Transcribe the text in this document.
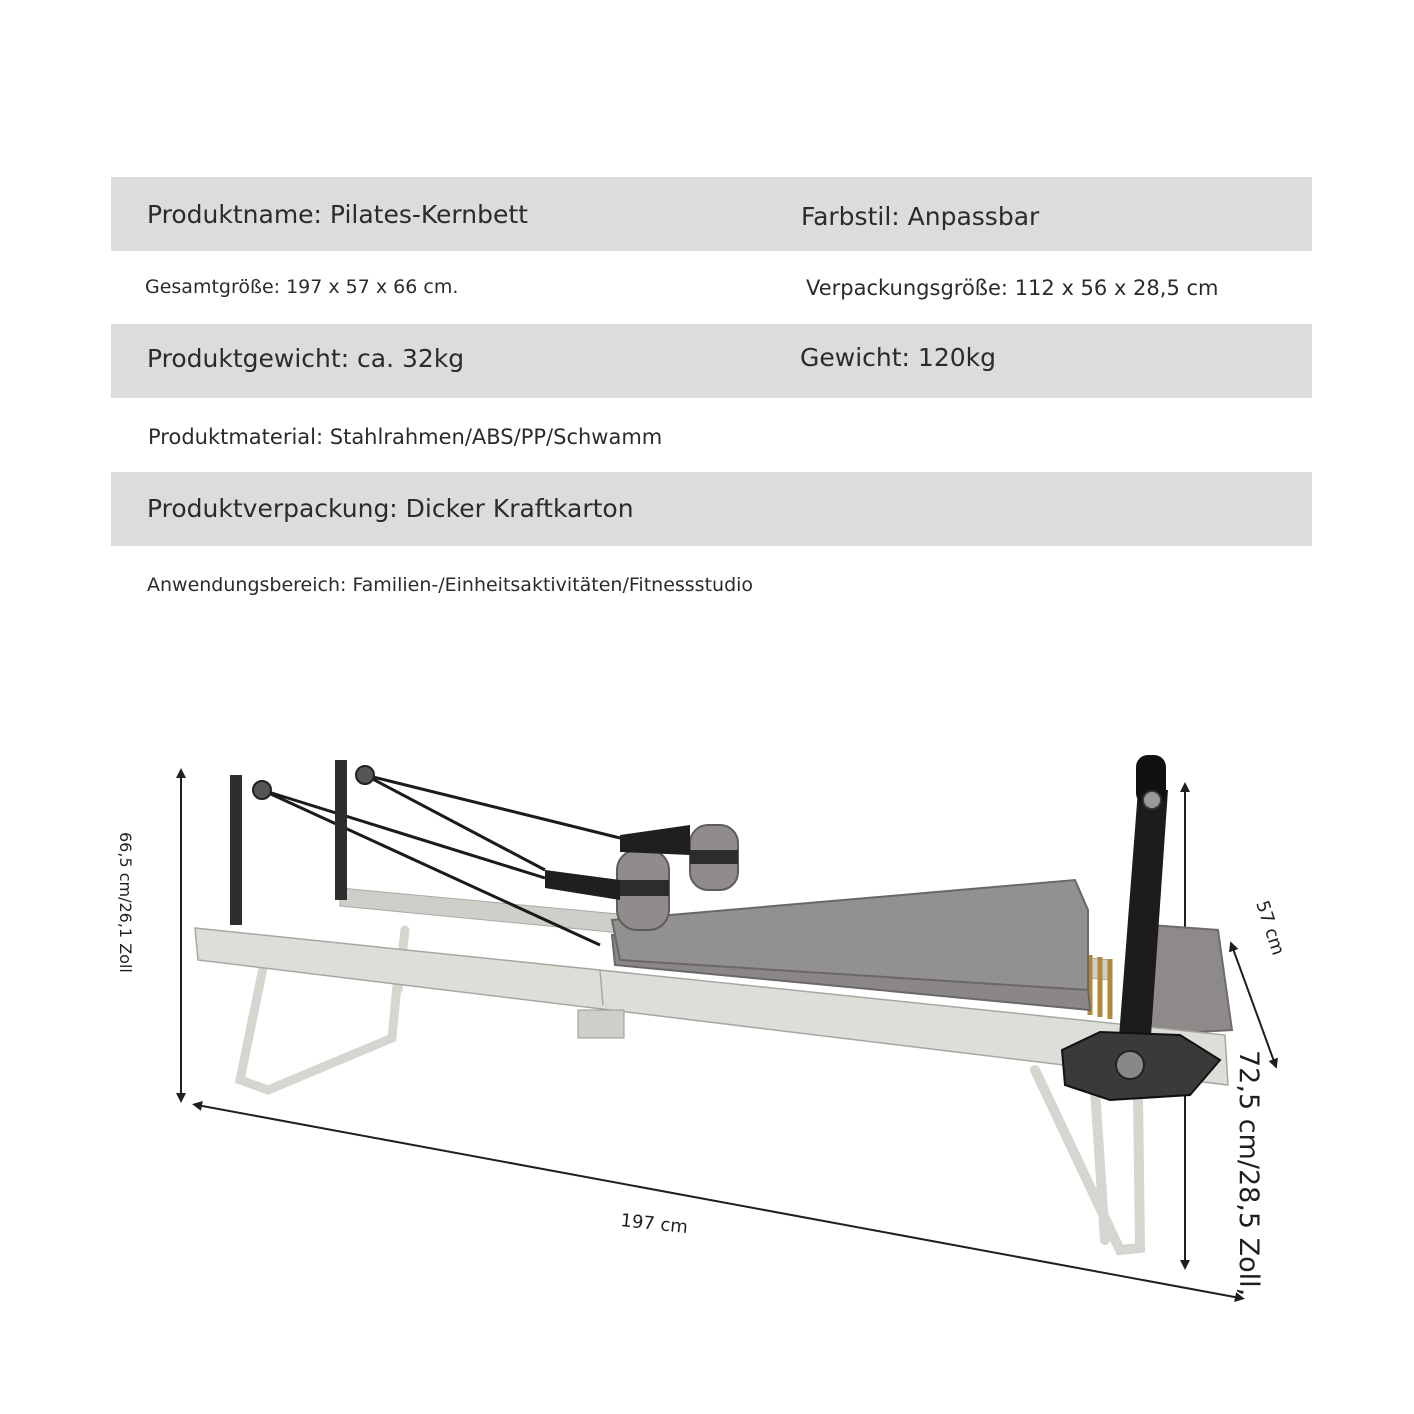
Produktname: Pilates-Kernbett	Farbstil: Anpassbar
Gesamtgröße: 197 x 57 x 66 cm.	Verpackungsgröße: 112 x 56 x 28,5 cm
Produktgewicht: ca. 32kg	Gewicht: 120kg
Produktmaterial: Stahlrahmen/ABS/PP/Schwamm
Produktverpackung: Dicker Kraftkarton
Anwendungsbereich: Familien-/Einheitsaktivitäten/Fitnessstudio
66,5 cm/26,1 Zoll
197 cm
57 cm
72,5 cm/28,5 Zoll,
